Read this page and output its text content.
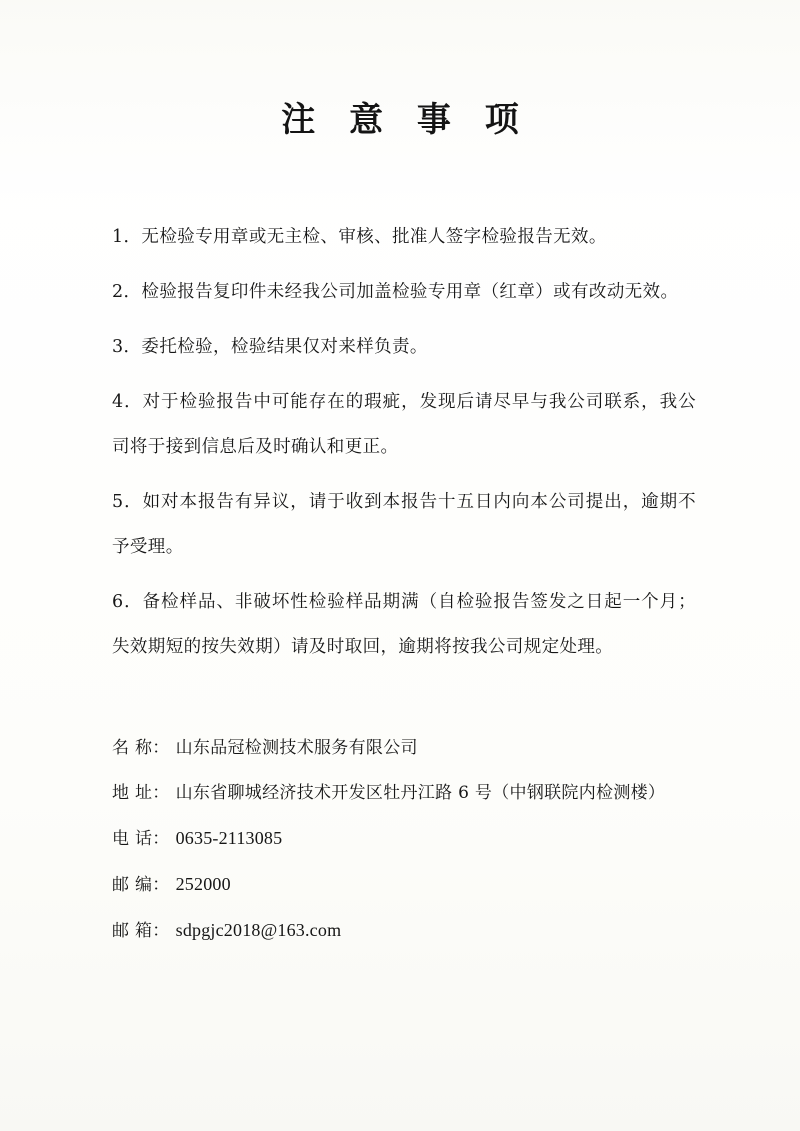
注 意 事 项

1．无检验专用章或无主检、审核、批准人签字检验报告无效。

2．检验报告复印件未经我公司加盖检验专用章（红章）或有改动无效。

3．委托检验，检验结果仅对来样负责。

4．对于检验报告中可能存在的瑕疵，发现后请尽早与我公司联系，我公司将于接到信息后及时确认和更正。

5．如对本报告有异议，请于收到本报告十五日内向本公司提出，逾期不予受理。

6．备检样品、非破坏性检验样品期满（自检验报告签发之日起一个月；失效期短的按失效期）请及时取回，逾期将按我公司规定处理。

名 称： 山东品冠检测技术服务有限公司
地 址： 山东省聊城经济技术开发区牡丹江路 6 号（中钢联院内检测楼）
电 话： 0635-2113085
邮 编： 252000
邮 箱： sdpgjc2018@163.com
